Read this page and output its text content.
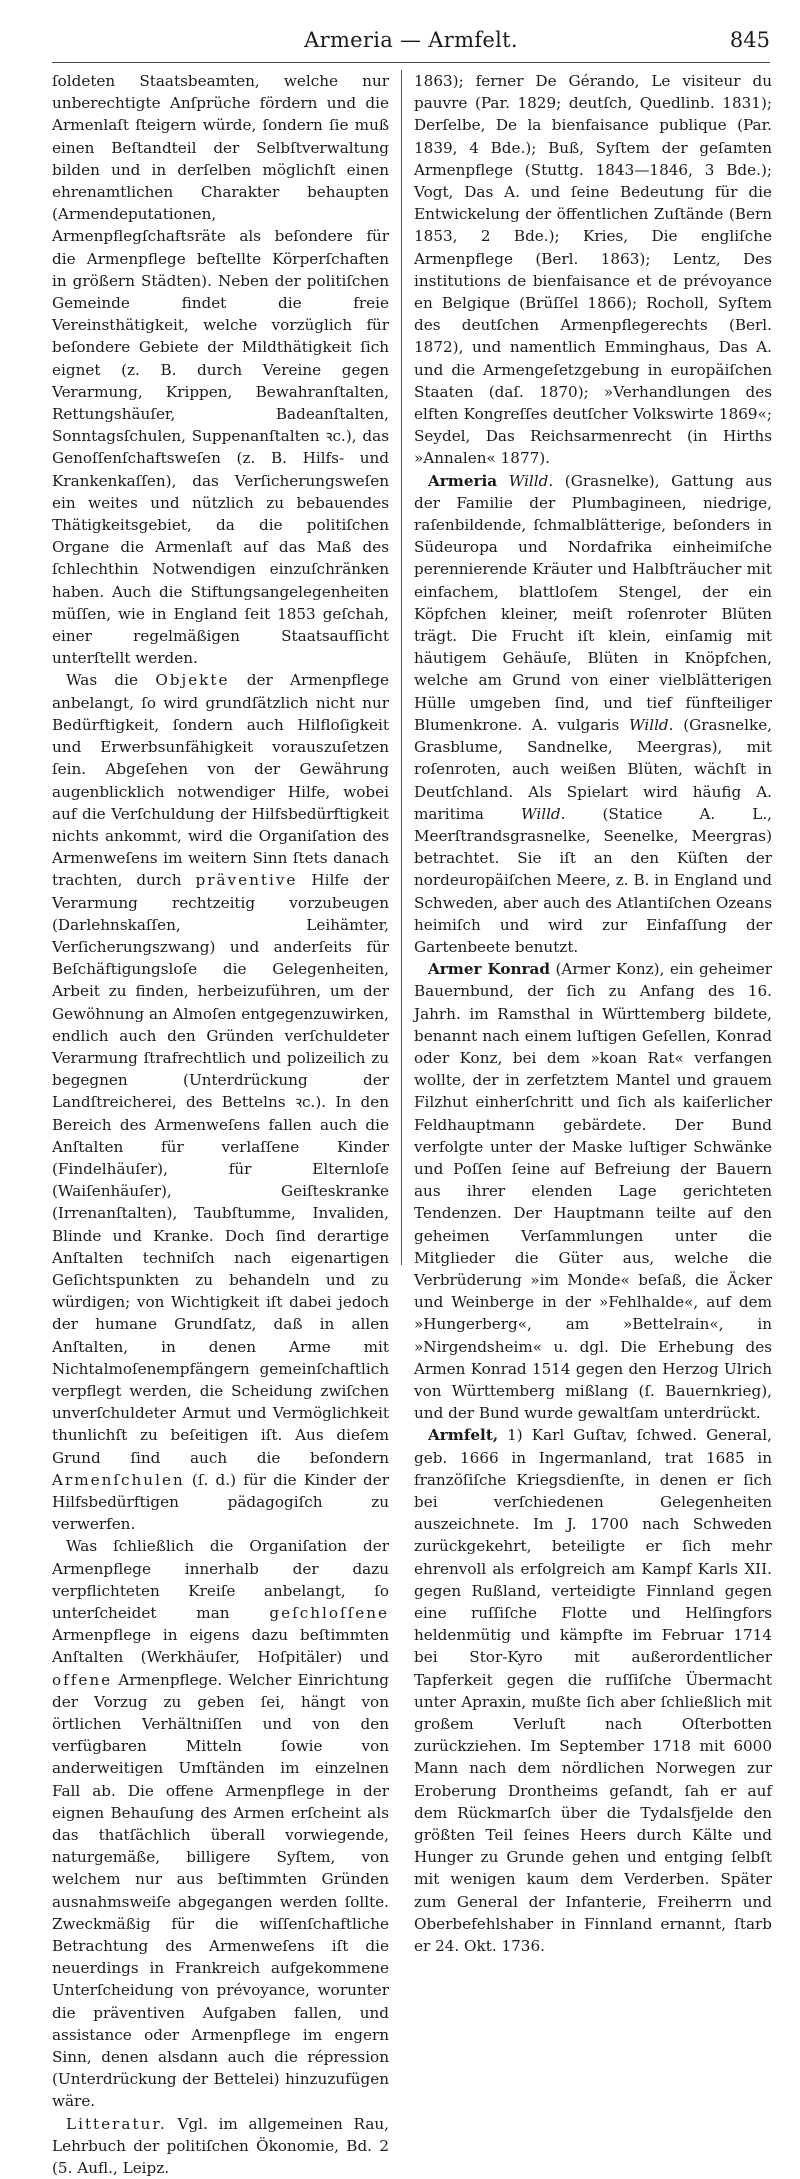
Armeria — Armfelt.	845

ſoldeten Staatsbeamten, welche nur unberechtigte Anſprüche fördern und die Armenlaſt ſteigern würde, ſondern ſie muß einen Beſtandteil der Selbſtverwaltung bilden und in derſelben möglichſt einen ehrenamtlichen Charakter behaupten (Armendeputationen, Armenpflegſchaftsräte als beſondere für die Armenpflege beſtellte Körperſchaften in größern Städten). Neben der politiſchen Gemeinde findet die freie Vereinsthätigkeit, welche vorzüglich für beſondere Gebiete der Mildthätigkeit ſich eignet (z. B. durch Vereine gegen Verarmung, Krippen, Bewahranſtalten, Rettungshäuſer, Badeanſtalten, Sonntagsſchulen, Suppenanſtalten ꝛc.), das Genoſſenſchaftsweſen (z. B. Hilfs- und Krankenkaſſen), das Verſicherungsweſen ein weites und nützlich zu bebauendes Thätigkeitsgebiet, da die politiſchen Organe die Armenlaſt auf das Maß des ſchlechthin Notwendigen einzuſchränken haben. Auch die Stiftungsangelegenheiten müſſen, wie in England ſeit 1853 geſchah, einer regelmäßigen Staatsaufſicht unterſtellt werden.

Was die Objekte der Armenpflege anbelangt, ſo wird grundſätzlich nicht nur Bedürftigkeit, ſondern auch Hilfloſigkeit und Erwerbsunfähigkeit vorauszuſetzen ſein. Abgeſehen von der Gewährung augenblicklich notwendiger Hilfe, wobei auf die Verſchuldung der Hilfsbedürftigkeit nichts ankommt, wird die Organiſation des Armenweſens im weitern Sinn ſtets danach trachten, durch präventive Hilfe der Verarmung rechtzeitig vorzubeugen (Darlehnskaſſen, Leihämter, Verſicherungszwang) und anderſeits für Beſchäftigungsloſe die Gelegenheiten, Arbeit zu finden, herbeizuführen, um der Gewöhnung an Almoſen entgegenzuwirken, endlich auch den Gründen verſchuldeter Verarmung ſtrafrechtlich und polizeilich zu begegnen (Unterdrückung der Landſtreicherei, des Bettelns ꝛc.). In den Bereich des Armenweſens fallen auch die Anſtalten für verlaſſene Kinder (Findelhäuſer), für Elternloſe (Waiſenhäuſer), Geiſteskranke (Irrenanſtalten), Taubſtumme, Invaliden, Blinde und Kranke. Doch ſind derartige Anſtalten techniſch nach eigenartigen Geſichtspunkten zu behandeln und zu würdigen; von Wichtigkeit iſt dabei jedoch der humane Grundſatz, daß in allen Anſtalten, in denen Arme mit Nichtalmoſenempfängern gemeinſchaftlich verpflegt werden, die Scheidung zwiſchen unverſchuldeter Armut und Vermöglichkeit thunlichſt zu beſeitigen iſt. Aus dieſem Grund ſind auch die beſondern Armenſchulen (ſ. d.) für die Kinder der Hilfsbedürftigen pädagogiſch zu verwerfen.

Was ſchließlich die Organiſation der Armenpflege innerhalb der dazu verpflichteten Kreiſe anbelangt, ſo unterſcheidet man geſchloſſene Armenpflege in eigens dazu beſtimmten Anſtalten (Werkhäuſer, Hoſpitäler) und offene Armenpflege. Welcher Einrichtung der Vorzug zu geben ſei, hängt von örtlichen Verhältniſſen und von den verfügbaren Mitteln ſowie von anderweitigen Umſtänden im einzelnen Fall ab. Die offene Armenpflege in der eignen Behauſung des Armen erſcheint als das thatſächlich überall vorwiegende, naturgemäße, billigere Syſtem, von welchem nur aus beſtimmten Gründen ausnahmsweiſe abgegangen werden ſollte. Zweckmäßig für die wiſſenſchaftliche Betrachtung des Armenweſens iſt die neuerdings in Frankreich aufgekommene Unterſcheidung von prévoyance, worunter die präventiven Aufgaben fallen, und assistance oder Armenpflege im engern Sinn, denen alsdann auch die répression (Unterdrückung der Bettelei) hinzuzufügen wäre.

Litteratur. Vgl. im allgemeinen Rau, Lehrbuch der politiſchen Ökonomie, Bd. 2 (5. Aufl., Leipz.

1863); ferner De Gérando, Le visiteur du pauvre (Par. 1829; deutſch, Quedlinb. 1831); Derſelbe, De la bienfaisance publique (Par. 1839, 4 Bde.); Buß, Syſtem der geſamten Armenpflege (Stuttg. 1843—1846, 3 Bde.); Vogt, Das A. und ſeine Bedeutung für die Entwickelung der öffentlichen Zuſtände (Bern 1853, 2 Bde.); Kries, Die engliſche Armenpflege (Berl. 1863); Lentz, Des institutions de bienfaisance et de prévoyance en Belgique (Brüſſel 1866); Rocholl, Syſtem des deutſchen Armenpflegerechts (Berl. 1872), und namentlich Emminghaus, Das A. und die Armengeſetzgebung in europäiſchen Staaten (daſ. 1870); »Verhandlungen des elften Kongreſſes deutſcher Volkswirte 1869«; Seydel, Das Reichsarmenrecht (in Hirths »Annalen« 1877).

Armeria Willd. (Grasnelke), Gattung aus der Familie der Plumbagineen, niedrige, raſenbildende, ſchmalblätterige, beſonders in Südeuropa und Nordafrika einheimiſche perennierende Kräuter und Halbſträucher mit einfachem, blattloſem Stengel, der ein Köpfchen kleiner, meiſt roſenroter Blüten trägt. Die Frucht iſt klein, einſamig mit häutigem Gehäuſe, Blüten in Knöpfchen, welche am Grund von einer vielblätterigen Hülle umgeben ſind, und tief fünfteiliger Blumenkrone. A. vulgaris Willd. (Grasnelke, Grasblume, Sandnelke, Meergras), mit roſenroten, auch weißen Blüten, wächſt in Deutſchland. Als Spielart wird häufig A. maritima Willd. (Statice A. L., Meerſtrandsgrasnelke, Seenelke, Meergras) betrachtet. Sie iſt an den Küſten der nordeuropäiſchen Meere, z. B. in England und Schweden, aber auch des Atlantiſchen Ozeans heimiſch und wird zur Einfaſſung der Gartenbeete benutzt.

Armer Konrad (Armer Konz), ein geheimer Bauernbund, der ſich zu Anfang des 16. Jahrh. im Ramsthal in Württemberg bildete, benannt nach einem luſtigen Geſellen, Konrad oder Konz, bei dem »koan Rat« verfangen wollte, der in zerfetztem Mantel und grauem Filzhut einherſchritt und ſich als kaiſerlicher Feldhauptmann gebärdete. Der Bund verfolgte unter der Maske luſtiger Schwänke und Poſſen ſeine auf Befreiung der Bauern aus ihrer elenden Lage gerichteten Tendenzen. Der Hauptmann teilte auf den geheimen Verſammlungen unter die Mitglieder die Güter aus, welche die Verbrüderung »im Monde« beſaß, die Äcker und Weinberge in der »Fehlhalde«, auf dem »Hungerberg«, am »Bettelrain«, in »Nirgendsheim« u. dgl. Die Erhebung des Armen Konrad 1514 gegen den Herzog Ulrich von Württemberg mißlang (ſ. Bauernkrieg), und der Bund wurde gewaltſam unterdrückt.

Armfelt, 1) Karl Guſtav, ſchwed. General, geb. 1666 in Ingermanland, trat 1685 in franzöſiſche Kriegsdienſte, in denen er ſich bei verſchiedenen Gelegenheiten auszeichnete. Im J. 1700 nach Schweden zurückgekehrt, beteiligte er ſich mehr ehrenvoll als erfolgreich am Kampf Karls XII. gegen Rußland, verteidigte Finnland gegen eine ruſſiſche Flotte und Helſingfors heldenmütig und kämpfte im Februar 1714 bei Stor-Kyro mit außerordentlicher Tapferkeit gegen die ruſſiſche Übermacht unter Apraxin, mußte ſich aber ſchließlich mit großem Verluſt nach Oſterbotten zurückziehen. Im September 1718 mit 6000 Mann nach dem nördlichen Norwegen zur Eroberung Drontheims geſandt, ſah er auf dem Rückmarſch über die Tydalsfjelde den größten Teil ſeines Heers durch Kälte und Hunger zu Grunde gehen und entging ſelbſt mit wenigen kaum dem Verderben. Später zum General der Infanterie, Freiherrn und Oberbefehlshaber in Finnland ernannt, ſtarb er 24. Okt. 1736.
